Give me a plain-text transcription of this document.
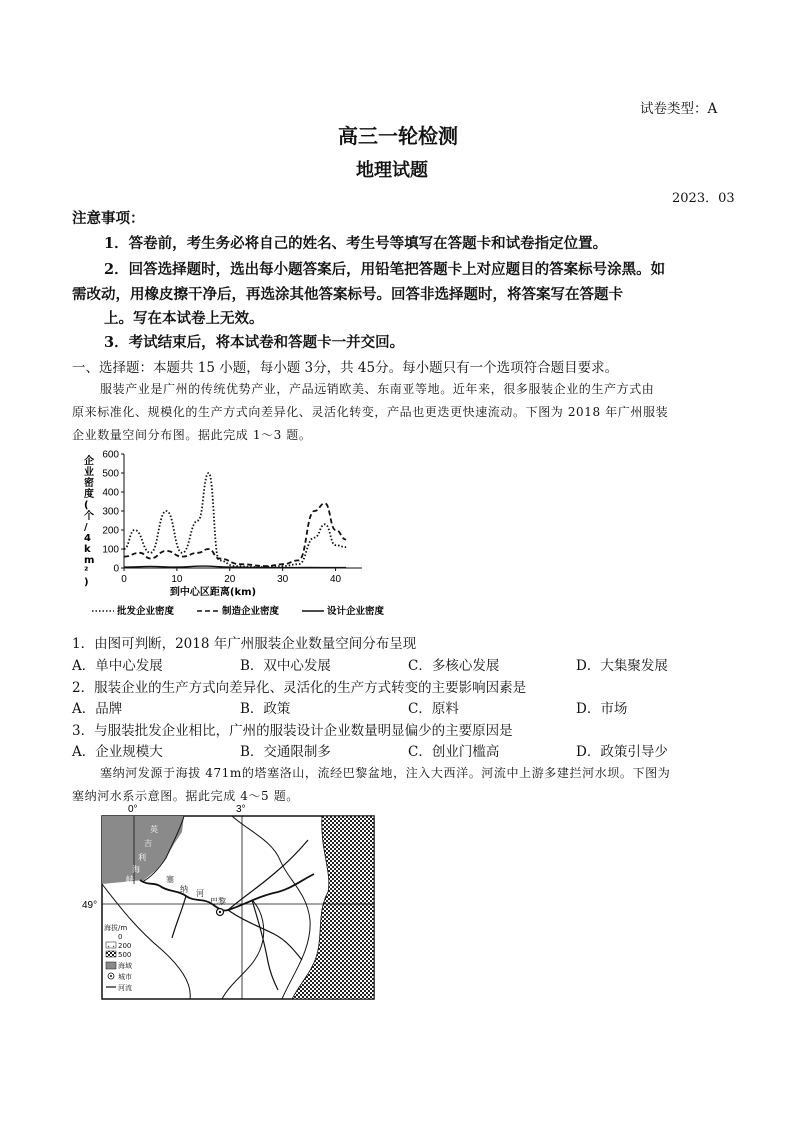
试卷类型：A
高三一轮检测
地理试题
2023．03
注意事项：
1．答卷前，考生务必将自己的姓名、考生号等填写在答题卡和试卷指定位置。
2．回答选择题时，选出每小题答案后，用铅笔把答题卡上对应题目的答案标号涂黑。如
需改动，用橡皮擦干净后，再选涂其他答案标号。回答非选择题时，将答案写在答题卡
上。写在本试卷上无效。
3．考试结束后，将本试卷和答题卡一并交回。
一、选择题：本题共 15 小题，每小题 3分，共 45分。每小题只有一个选项符合题目要求。
服装产业是广州的传统优势产业，产品远销欧美、东南亚等地。近年来，很多服装企业的生产方式由
原来标准化、规模化的生产方式向差异化、灵活化转变，产品也更迭更快速流动。下图为 2018 年广州服装
企业数量空间分布图。据此完成 1～3 题。
0
100
200
300
400
500
600
0	10	20	30	40
企业密度(个/ 4 k m ² )
到中心区距离(km)
批发企业密度	制造企业密度	设计企业密度
1．由图可判断，2018 年广州服装企业数量空间分布呈现
A．单中心发展	B．双中心发展	C．多核心发展	D．大集聚发展
2．服装企业的生产方式向差异化、灵活化的生产方式转变的主要影响因素是
A．品牌	B．政策	C．原料	D．市场
3．与服装批发企业相比，广州的服装设计企业数量明显偏少的主要原因是
A．企业规模大	B．交通限制多	C．创业门槛高	D．政策引导少
塞纳河发源于海拔 471m的塔塞洛山，流经巴黎盆地，注入大西洋。河流中上游多建拦河水坝。下图为
塞纳河水系示意图。据此完成 4～5 题。
0°	3°
49°
英
吉
利
海
峡	塞
纳 河
巴黎
海拔/m
0
200
500
海域
城市
河流
